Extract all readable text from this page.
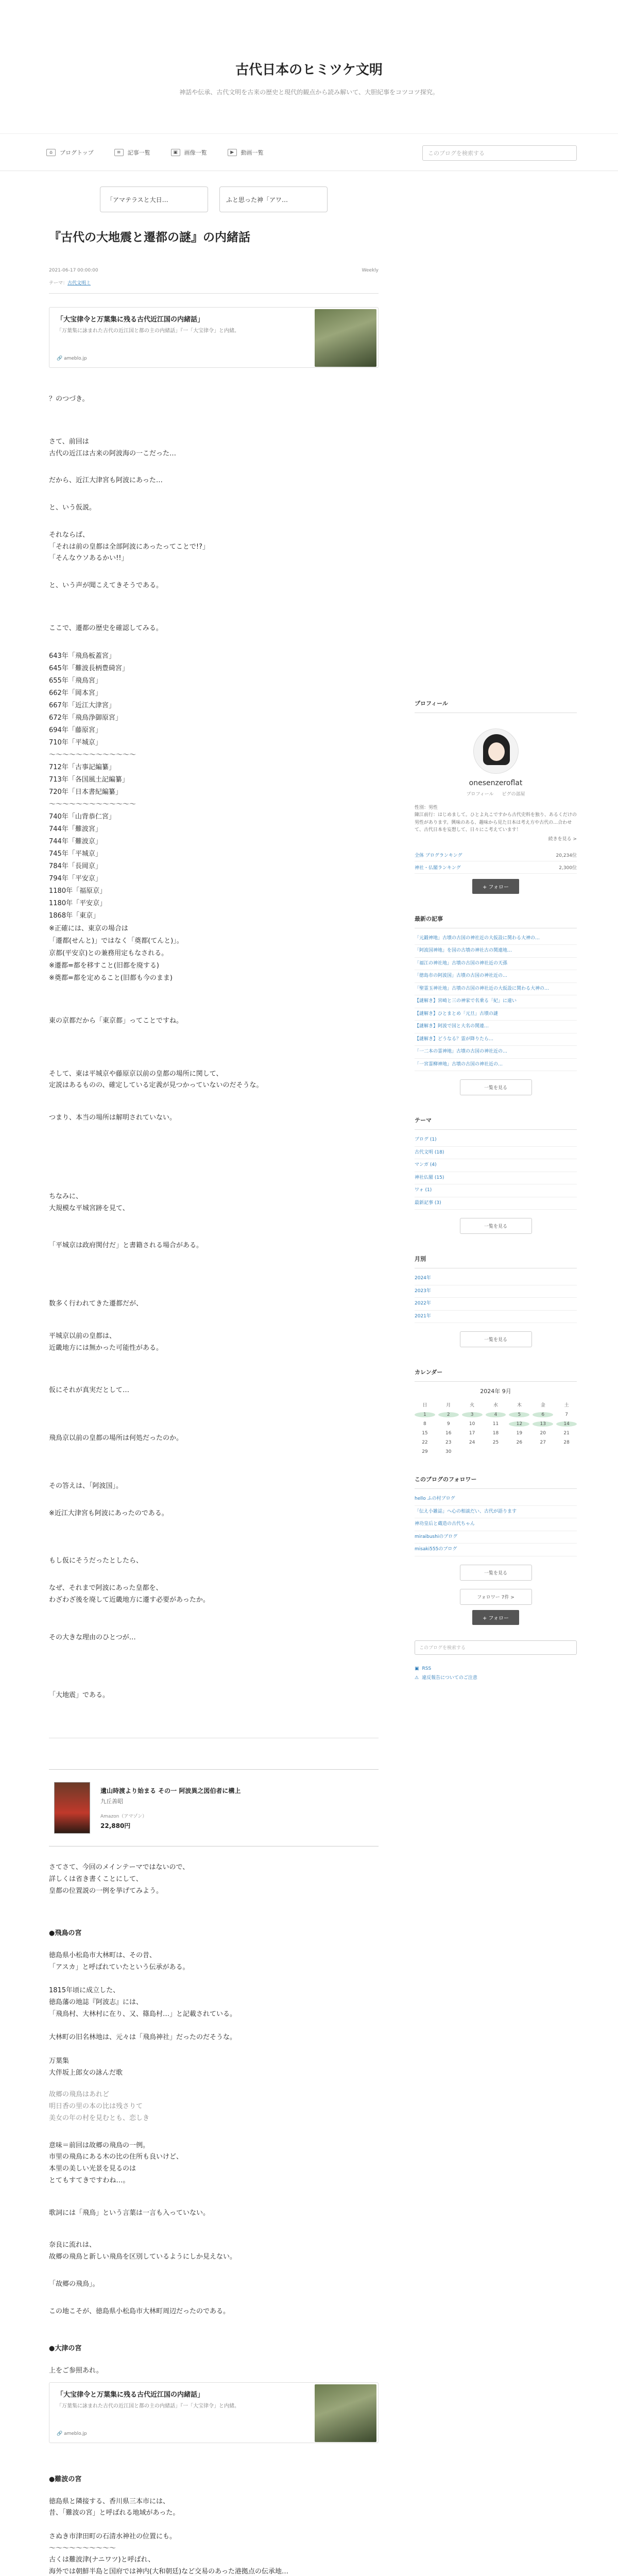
古代日本のヒミツケ文明
神話や伝承、古代文明を古来の歴史と現代的観点から読み解いて、大胆紀事をコツコツ探究。
⌂	ブログトップ	≡	記事一覧	▣	画像一覧	▶	動画一覧	このブログを検索する
「アマテラスと大日…	ふと思った神「アワ…
『古代の大地震と遷都の謎』の内緒話
2021-06-17 00:00:00	Weekly
テーマ：古代文明ミ
「大宝律令と万葉集に残る古代近江国の内緒話」
「万葉集に詠まれた古代の近江国と都の主の内緒話」『一「大宝律令」と内緒。
🔗 ameblo.jp
？のつづき。
さて、前回は
古代の近江は古来の阿波海の一こだった…
だから、近江大津宮も阿波にあった…
と、いう仮説。
それならば、
「それは前の皇都は全部阿波にあったってことで!?」
「そんなウソあるかい!!」
と、いう声が聞こえてきそうである。
ここで、遷都の歴史を確認してみる。
643年「飛鳥板蓋宮」
645年「難波長柄豊碕宮」
655年「飛鳥宮」
662年「岡本宮」
667年「近江大津宮」
672年「飛鳥浄御原宮」
694年「藤原宮」
710年「平城京」
〜〜〜〜〜〜〜〜〜〜〜〜〜
712年「古事記編纂」
713年「各国風土記編纂」
720年「日本書紀編纂」
〜〜〜〜〜〜〜〜〜〜〜〜〜
740年「山背恭仁宮」
744年「難波宮」
744年「難波京」
745年「平城京」
784年「長岡京」
794年「平安京」
1180年「福原京」
1180年「平安京」
1868年「東京」
※正確には、東京の場合は
「遷都(せんと)」ではなく「奠都(てんと)」。
京都(平安京)との兼務用定もなされる。
※遷都=都を移すこと(旧都を廃する)
※奠都=都を定めること(旧都も今のまま)
東の京都だから「東京都」ってことですね。
そして、東は平城京や藤原京以前の皇都の場所に関して、
定説はあるものの、確定している定義が見つかっていないのだそうな。
つまり、本当の場所は解明されていない。
ちなみに、
大規模な平城宮跡を見て、
「平城京は政府関付だ」と書籍される場合がある。
数多く行われてきた遷都だが、
平城京以前の皇都は、
近畿地方には無かった可能性がある。
仮にそれが真実だとして…
飛鳥京以前の皇都の場所は何処だったのか。
その答えは、「阿波国」。
※近江大津宮も阿波にあったのである。
もし仮にそうだったとしたら、
なぜ、それまで阿波にあった皇都を、
わざわざ後を廃して近畿地方に遷す必要があったか。
その大きな理由のひとつが…
「大地震」である。
遺山時渡より始まる その一 阿波異之図伯者に構上
九丘善昭
Amazon（アマゾン）
22,880円
さてさて、今回のメインテーマではないので、
詳しくは省き書くことにして、
皇都の位置説の一例を挙げてみよう。
●飛鳥の宮
徳島県小松島市大林町は、その昔、
「アスカ」と呼ばれていたという伝承がある。

1815年頃に成立した、
徳島藩の地誌『阿波志』には、
「飛鳥村、大林村に在り、又、篠島村…」と記載されている。

大林町の旧名林地は、元々は「飛鳥神社」だったのだそうな。

万葉集
大伴坂上郎女の詠んだ歌
故郷の飛鳥はあれど
明日香の里の本の比は残さりて
美女の年の村を見むとも、恋しき
意味＝前回は故郷の飛鳥の一例。
市里の飛鳥にある木の比の住所も良いけど、
本里の美しい光景を見るのは
とてもすてきですわね…。
歌詞には「飛鳥」という言葉は一言も入っていない。
奈良に流れは、
故郷の飛鳥と新しい飛鳥を区別しているようにしか見えない。
「故郷の飛鳥」。
この地こそが、徳島県小松島市大林町周辺だったのである。
●大津の宮
上をご参照あれ。
「大宝律令と万葉集に残る古代近江国の内緒話」
「万葉集に詠まれた古代の近江国と都の主の内緒話」『一「大宝律令」と内緒。
🔗 ameblo.jp
●難波の宮
徳島県と隣接する、香川県三本市には、
昔、「難波の宮」と呼ばれる地域があった。

さぬき市津田町の石清水神社の位置にも。
〜〜〜〜〜〜〜〜〜〜
古くは難波津(ナニワツ)と呼ばれ、
海外では朝鮮半島と国府では神内(大和朝廷)など交易のあった港拠点の伝承地…

プロフィール
onesenzeroflat
プロフィール ピグの部屋
性別：男性
陳江前行：はじめまして。ひとよ丸こですから古代史料を独り、あるくだけの男性があります。興味のある、趣味から見た日本は考え方や古代の…合わせて、古代日本を妄想して、日々にこ考えています！
続きを見る >
全体 ブログランキング	20,234位
神社・仏閣ランキング	2,300位
+ フォロー
最新の記事
「元鍛神地」古墳の古国の神社近の大仮設に関わる大神の…
「阿波国神地」を国の古墳の神社古の関連地…
「福江の神社地」古墳の古国の神社近の天孫
「徳島市の阿波国」古墳の古国の神社近の…
「聖霊玉神社地」古墳の古国の神社近の大仮設に関わる大神の…
【謎解き】宮崎と三の神家で名乗る「紀」に違い
【謎解き】ひとまとめ「元旦」古墳の謎
【謎解き】阿波で国と大名の関連…
【謎解き】どうなる？霊が降りたら…
「一二本の霊神地」古墳の古国の神社近の…
「一宮霊柳神地」古墳の古国の神社近の…
一覧を見る
テーマ
ブログ (1)
古代文明 (18)
マンガ (4)
神社仏閣 (15)
ワォ (1)
最新記事 (3)
一覧を見る
月別
2024年
2023年
2022年
2021年
一覧を見る
カレンダー
2024年 9月
日	月	火	水	木	金	土
1	2	3	4	5	6	7
8	9	10	11	12	13	14
15	16	17	18	19	20	21
22	23	24	25	26	27	28
29	30
このブログのフォロワー
hello ふの村ブログ
「伝え小雑誌」へ心の相談だい、古代が語ります
神功皇后と蔵造の古代ちゃん
miraibushiのブログ
misaki555のブログ
一覧を見る
フォロワー 7件 >
+ フォロー
このブログを検索する
▣ RSS
⚠ 違反報告についてのご注意
